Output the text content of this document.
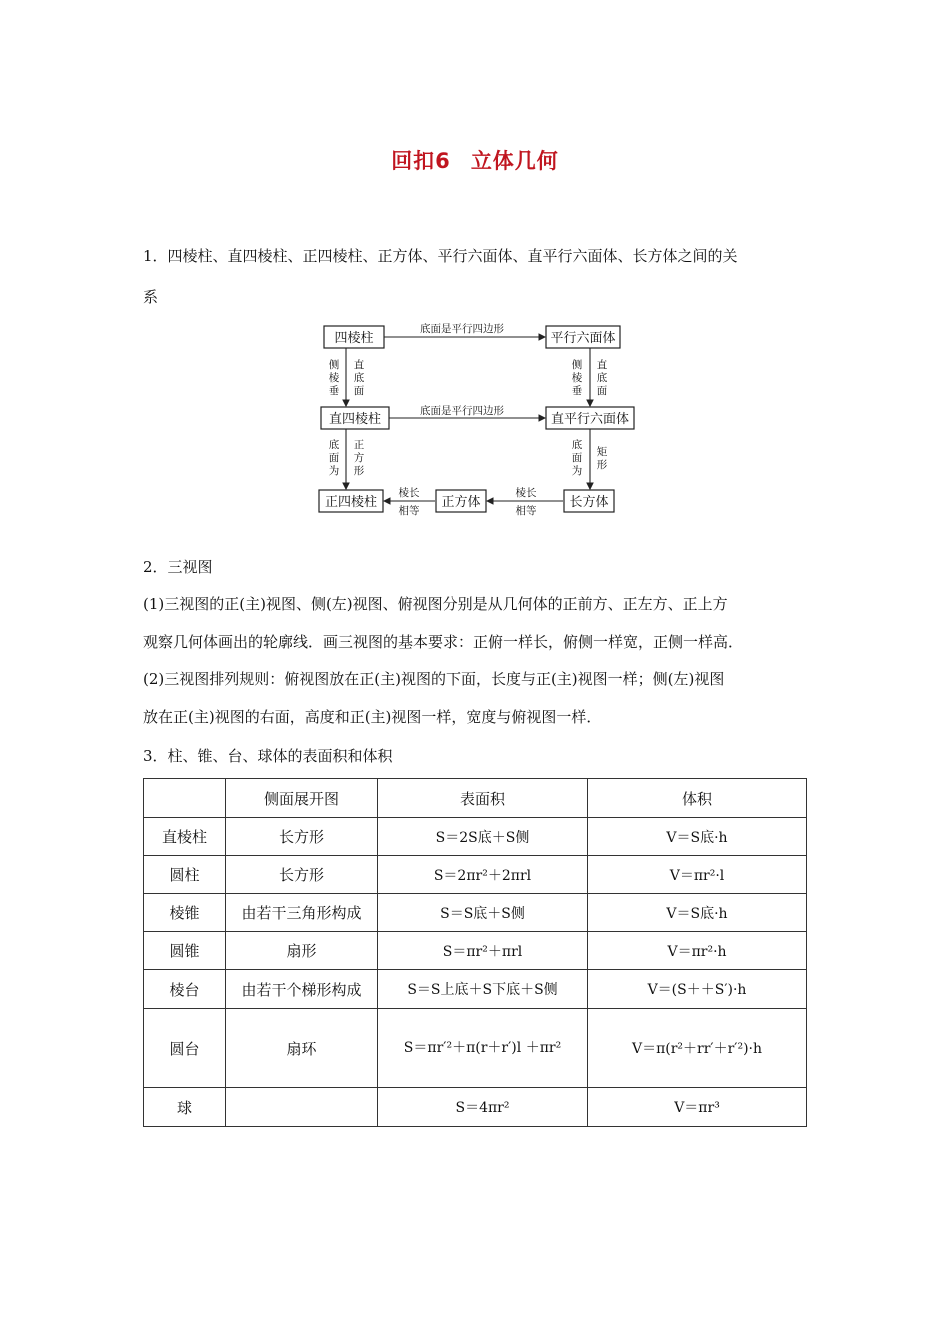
回扣6 立体几何
1．四棱柱、直四棱柱、正四棱柱、正方体、平行六面体、直平行六面体、长方体之间的关
系
四棱柱	平行六面体
直四棱柱	直平行六面体
正四棱柱	正方体	长方体
底面是平行四边形
底面是平行四边形
棱长
相等
棱长
相等
侧
棱
垂
直
底
面
底
面
为
正
方
形
侧
棱
垂
直
底
面
底
面
为
矩
形
2．三视图
(1)三视图的正(主)视图、侧(左)视图、俯视图分别是从几何体的正前方、正左方、正上方
观察几何体画出的轮廓线．画三视图的基本要求：正俯一样长，俯侧一样宽，正侧一样高．
(2)三视图排列规则：俯视图放在正(主)视图的下面，长度与正(主)视图一样；侧(左)视图
放在正(主)视图的右面，高度和正(主)视图一样，宽度与俯视图一样．
3．柱、锥、台、球体的表面积和体积
	侧面展开图	表面积	体积
直棱柱	长方形	S＝2S底＋S侧	V＝S底·h
圆柱	长方形	S＝2πr²＋2πrl	V＝πr²·l
棱锥	由若干三角形构成	S＝S底＋S侧	V＝S底·h
圆锥	扇形	S＝πr²＋πrl	V＝πr²·h
棱台	由若干个梯形构成	S＝S上底＋S下底＋S侧	V＝(S＋＋S′)·h
圆台	扇环	S＝πr′²＋π(r＋r′)l ＋πr²	V＝π(r²＋rr′＋r′²)·h
球		S＝4πr²	V＝πr³
